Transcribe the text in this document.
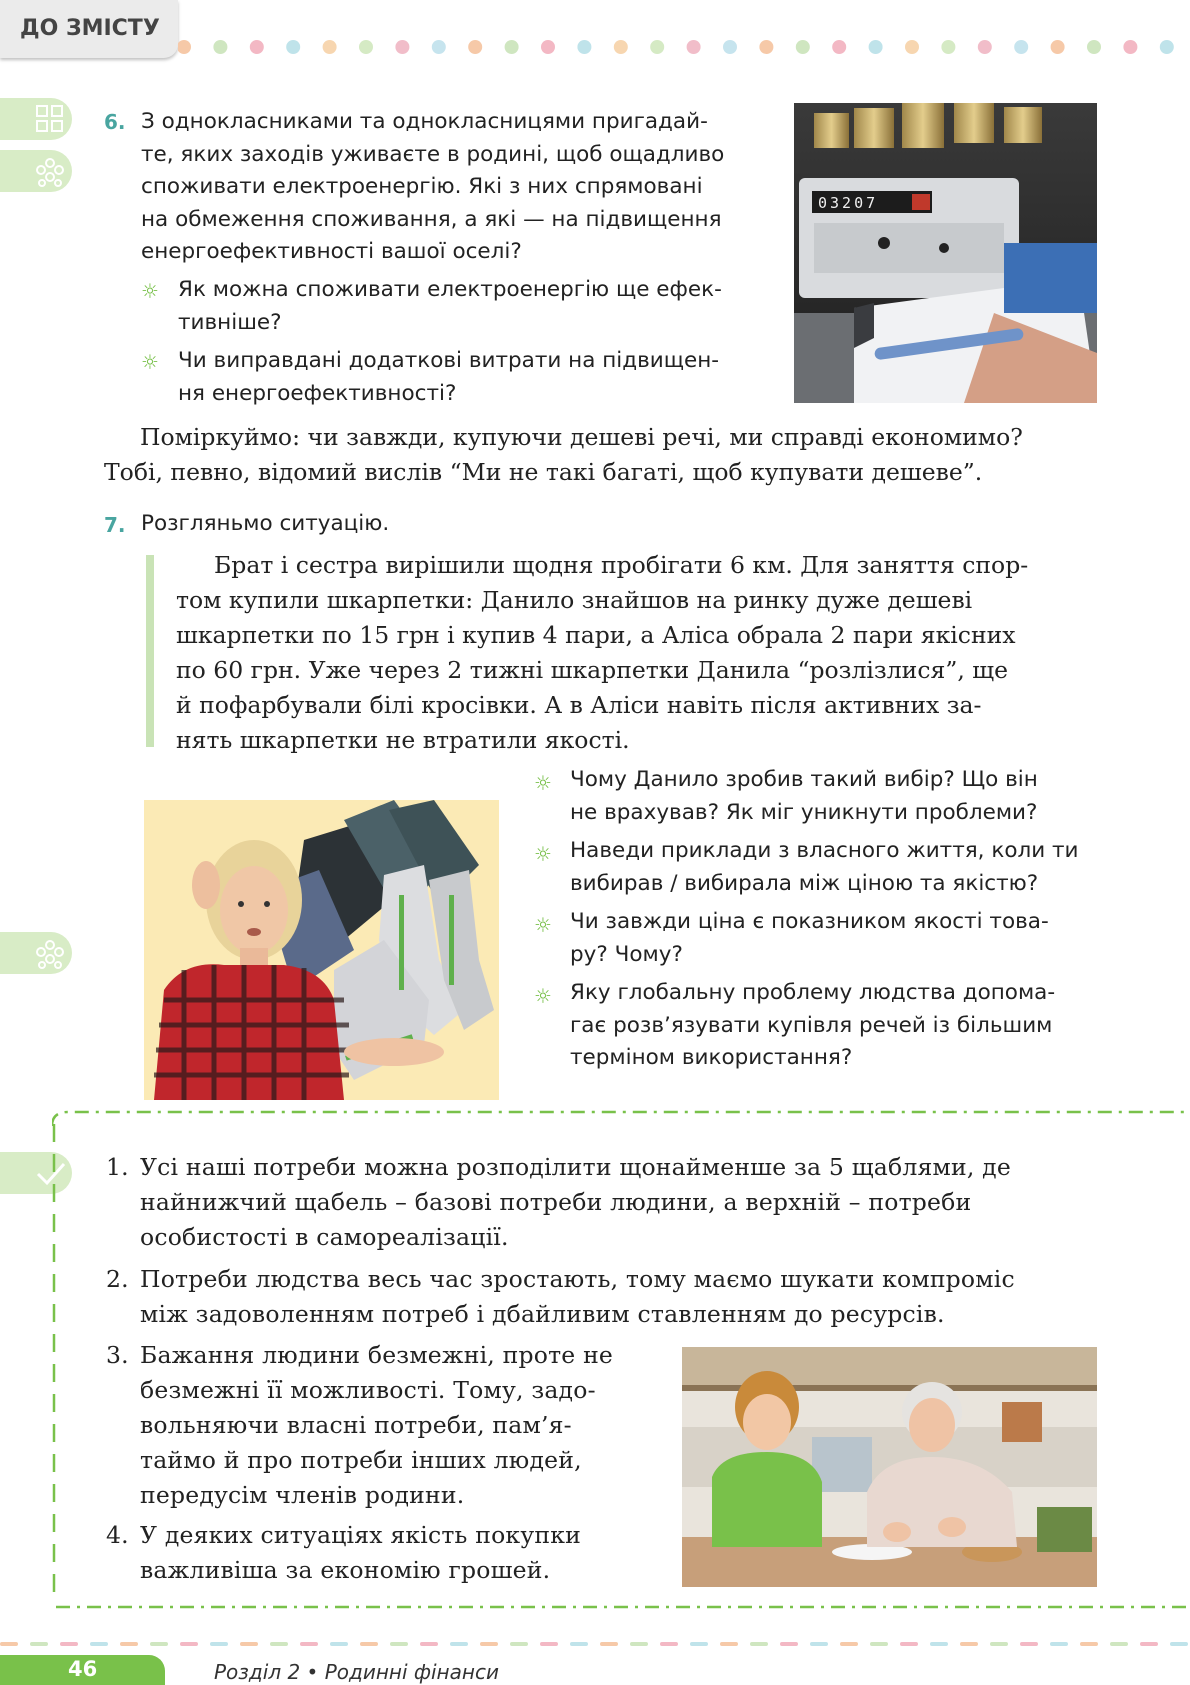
ДО ЗМІСТУ
6. З однокласниками та однокласницями пригадай-
те, яких заходів уживаєте в родині, щоб ощадливо
споживати електроенергію. Які з них спрямовані
на обмеження споживання, а які — на підвищення
енергоефективності вашої оселі?
☼ Як можна споживати електроенергію ще ефек-
тивніше?
☼ Чи виправдані додаткові витрати на підвищен-
ня енергоефективності?
03207
Поміркуймо: чи завжди, купуючи дешеві речі, ми справді економимо?
Тобі, певно, відомий вислів “Ми не такі багаті, щоб купувати дешеве”.
7. Розгляньмо ситуацію.
Брат і сестра вирішили щодня пробігати 6 км. Для заняття спор-
том купили шкарпетки: Данило знайшов на ринку дуже дешеві
шкарпетки по 15 грн і купив 4 пари, а Аліса обрала 2 пари якісних
по 60 грн. Уже через 2 тижні шкарпетки Данила “розлізлися”, ще
й пофарбували білі кросівки. А в Аліси навіть після активних за-
нять шкарпетки не втратили якості.
☼ Чому Данило зробив такий вибір? Що він
не врахував? Як міг уникнути проблеми?
☼ Наведи приклади з власного життя, коли ти
вибирав / вибирала між ціною та якістю?
☼ Чи завжди ціна є показником якості това-
ру? Чому?
☼ Яку глобальну проблему людства допома-
гає розв’язувати купівля речей із більшим
терміном використання?
1. Усі наші потреби можна розподілити щонайменше за 5 щаблями, де
найнижчий щабель – базові потреби людини, а верхній – потреби
особистості в самореалізації.
2. Потреби людства весь час зростають, тому маємо шукати компроміс
між задоволенням потреб і дбайливим ставленням до ресурсів.
3. Бажання людини безмежні, проте не
безмежні її можливості. Тому, задо-
вольняючи власні потреби, пам’я-
таймо й про потреби інших людей,
передусім членів родини.
4. У деяких ситуаціях якість покупки
важливіша за економію грошей.
46	Розділ 2 • Родинні фінанси
